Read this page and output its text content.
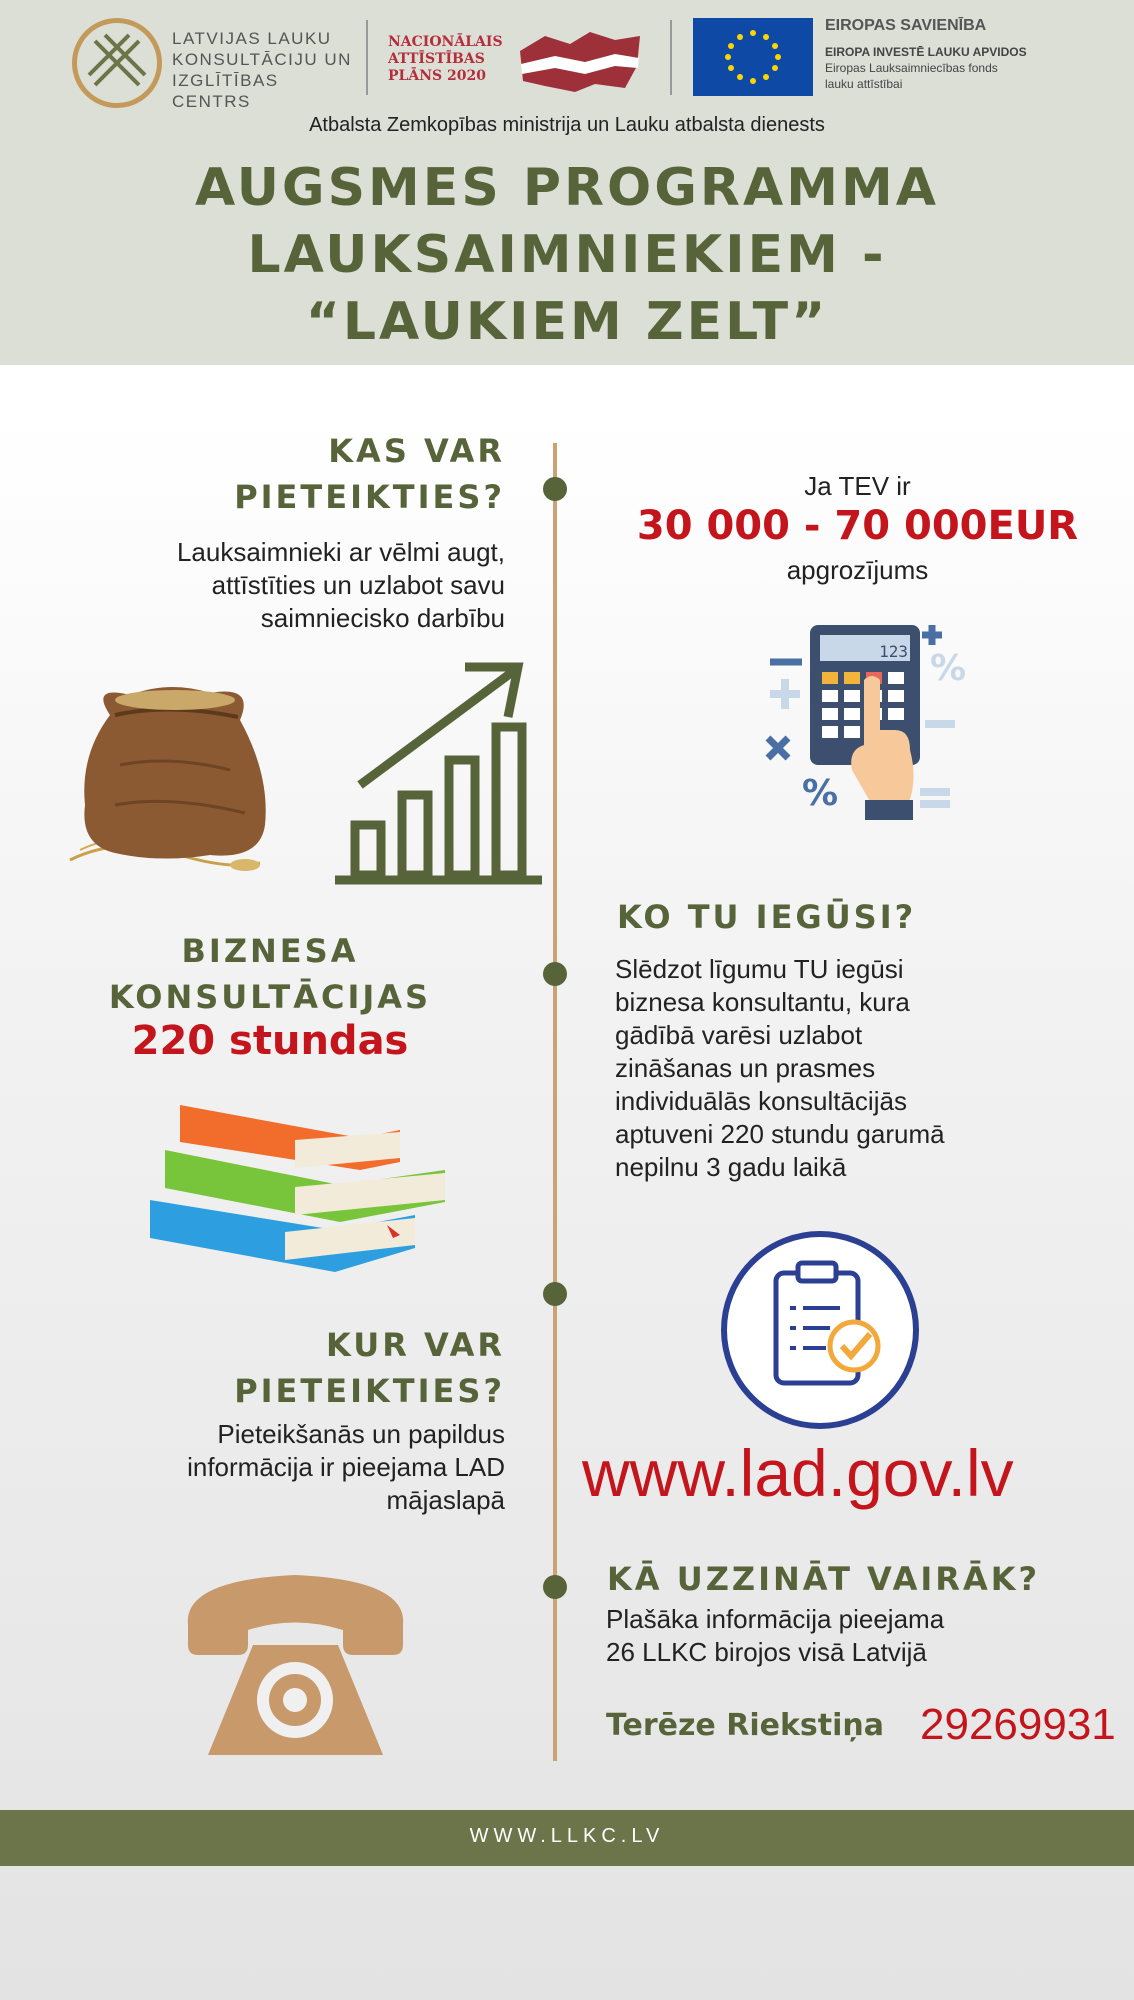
LATVIJAS LAUKU
KONSULTĀCIJU UN
IZGLĪTĪBAS CENTRS
NACIONĀLAIS
ATTĪSTĪBAS
PLĀNS 2020
EIROPAS SAVIENĪBA
EIROPA INVESTĒ LAUKU APVIDOS
Eiropas Lauksaimniecības fonds
lauku attīstībai
Atbalsta Zemkopības ministrija un Lauku atbalsta dienests
AUGSMES PROGRAMMA
LAUKSAIMNIEKIEM -
“LAUKIEM ZELT”
KAS VAR
PIETEIKTIES?
Lauksaimnieki ar vēlmi augt,
attīstīties un uzlabot savu
saimniecisko darbību
Ja TEV ir
30 000 - 70 000EUR
apgrozījums
%
%
123
BIZNESA
KONSULTĀCIJAS
220 stundas
KO TU IEGŪSI?
Slēdzot līgumu TU iegūsi
biznesa konsultantu, kura
gādībā varēsi uzlabot
zināšanas un prasmes
individuālās konsultācijās
aptuveni 220 stundu garumā
nepilnu 3 gadu laikā
KUR VAR
PIETEIKTIES?
Pieteikšanās un papildus
informācija ir pieejama LAD
mājaslapā www.lad.gov.lv
KĀ UZZINĀT VAIRĀK?
Plašāka informācija pieejama
26 LLKC birojos visā Latvijā
Terēze Riekstiņa 29269931
WWW.LLKC.LV
